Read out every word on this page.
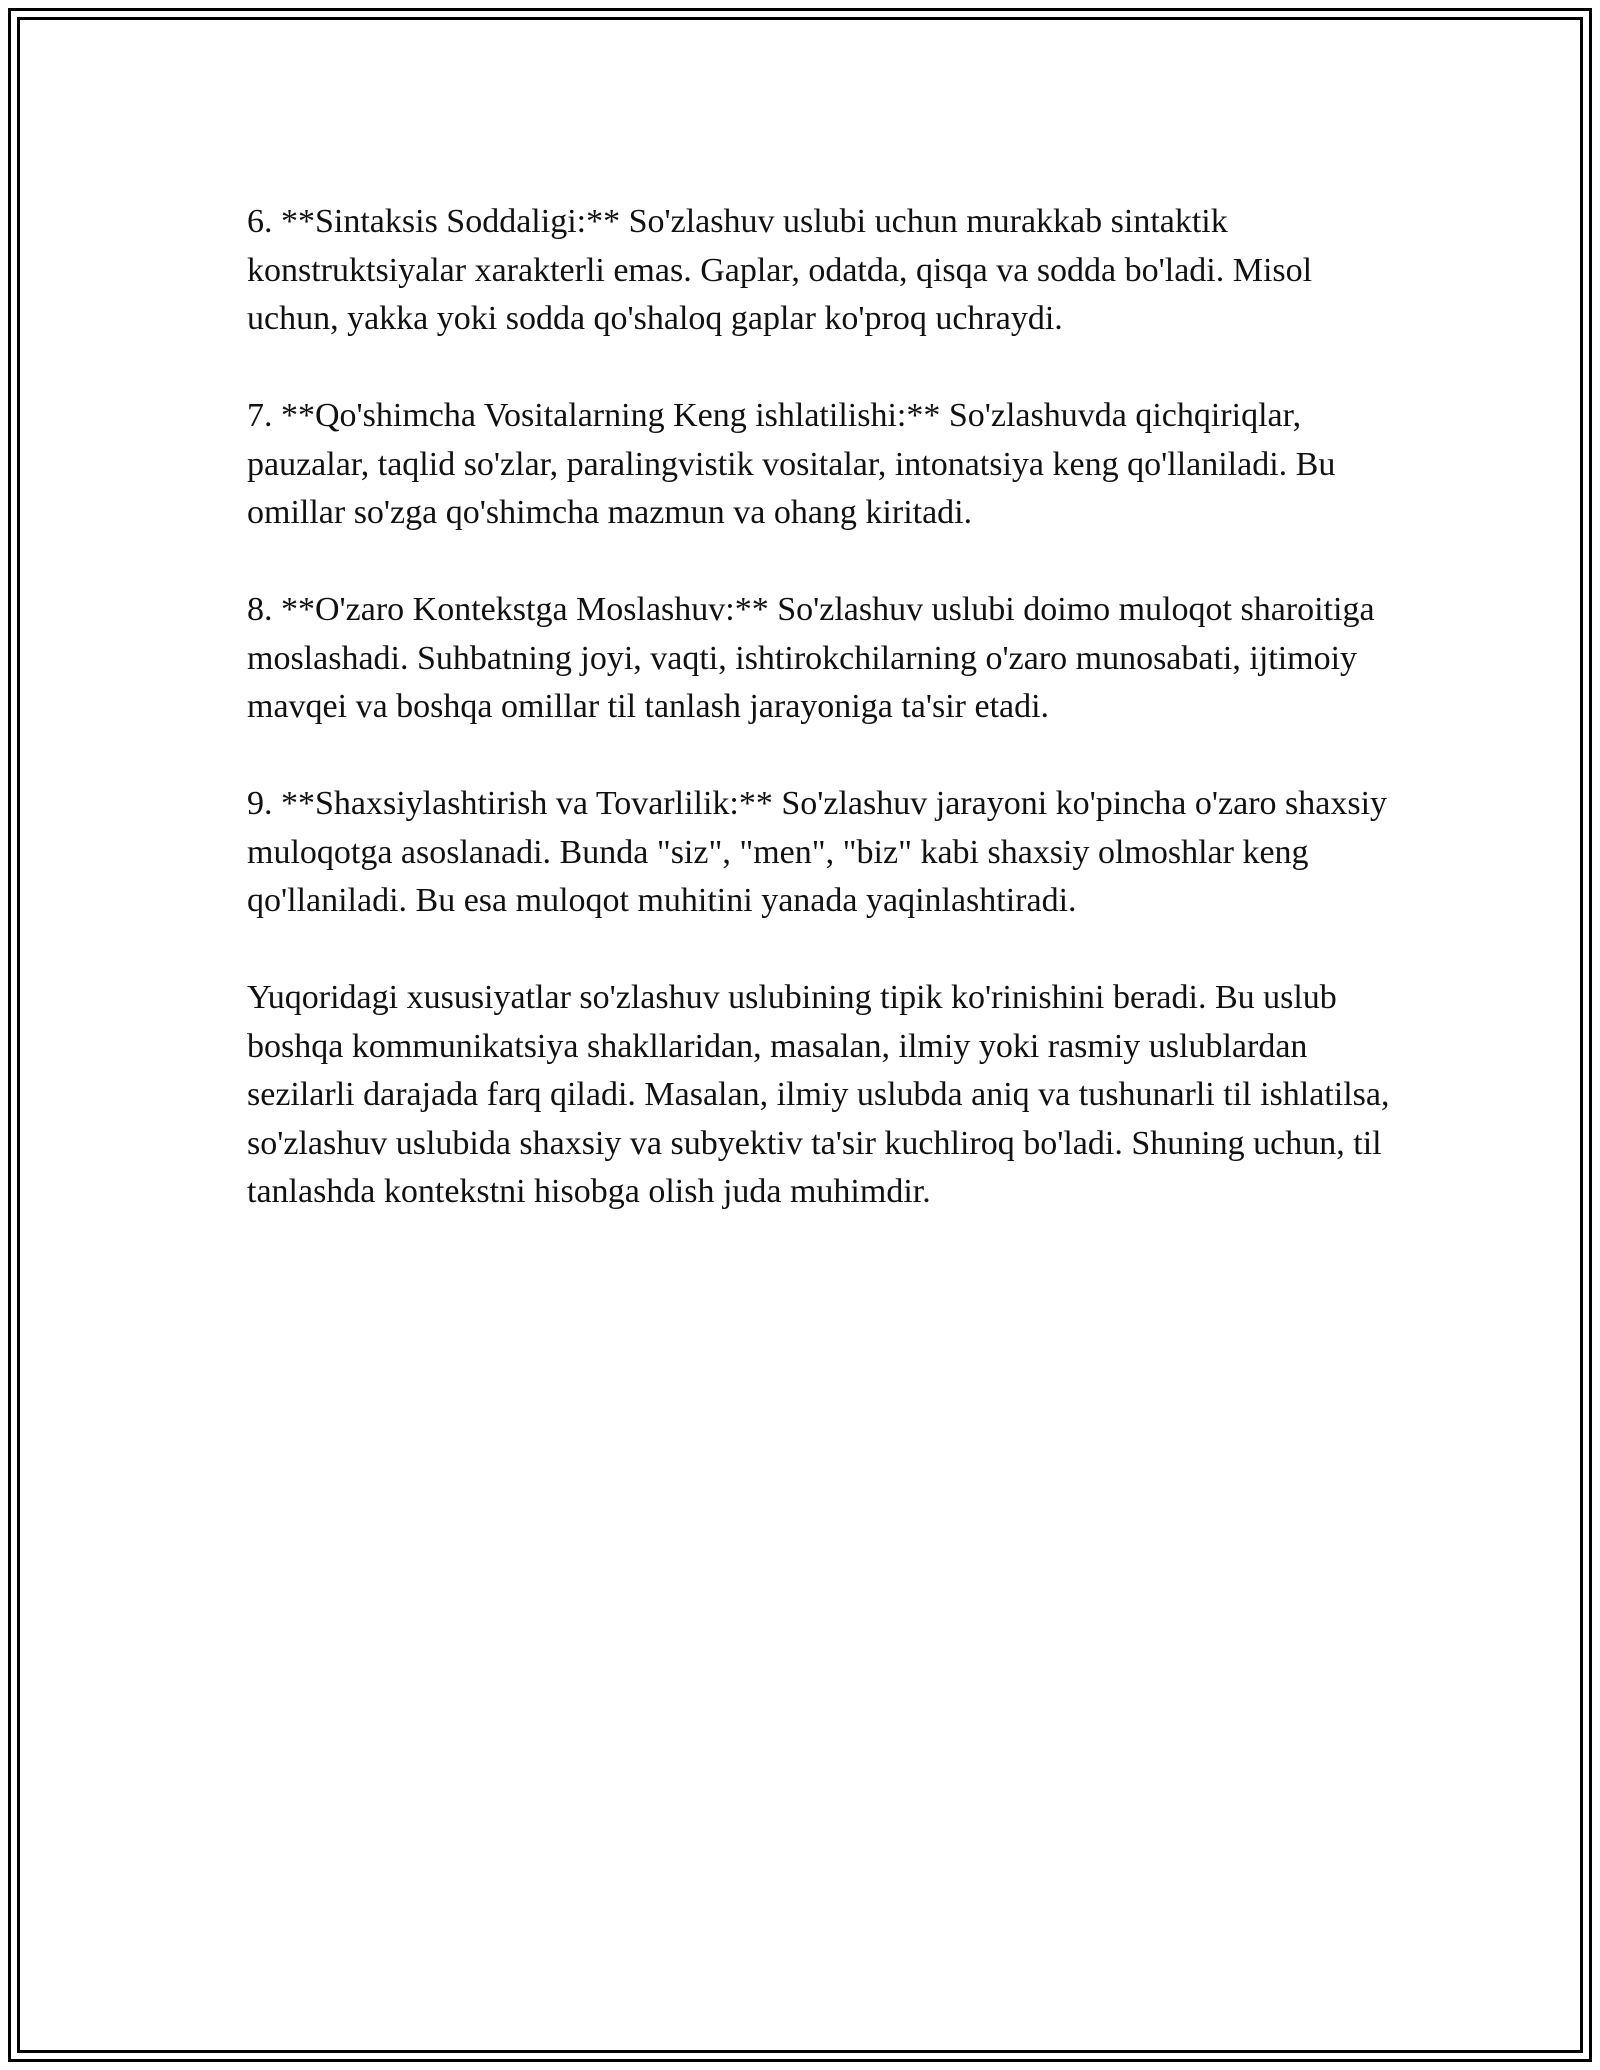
6. **Sintaksis Soddaligi:** So'zlashuv uslubi uchun murakkab sintaktik konstruktsiyalar xarakterli emas. Gaplar, odatda, qisqa va sodda bo'ladi. Misol uchun, yakka yoki sodda qo'shaloq gaplar ko'proq uchraydi.

7. **Qo'shimcha Vositalarning Keng ishlatilishi:** So'zlashuvda qichqiriqlar, pauzalar, taqlid so'zlar, paralingvistik vositalar, intonatsiya keng qo'llaniladi. Bu omillar so'zga qo'shimcha mazmun va ohang kiritadi.

8. **O'zaro Kontekstga Moslashuv:** So'zlashuv uslubi doimo muloqot sharoitiga moslashadi. Suhbatning joyi, vaqti, ishtirokchilarning o'zaro munosabati, ijtimoiy mavqei va boshqa omillar til tanlash jarayoniga ta'sir etadi.

9. **Shaxsiylashtirish va Tovarlilik:** So'zlashuv jarayoni ko'pincha o'zaro shaxsiy muloqotga asoslanadi. Bunda "siz", "men", "biz" kabi shaxsiy olmoshlar keng qo'llaniladi. Bu esa muloqot muhitini yanada yaqinlashtiradi.

Yuqoridagi xususiyatlar so'zlashuv uslubining tipik ko'rinishini beradi. Bu uslub boshqa kommunikatsiya shakllaridan, masalan, ilmiy yoki rasmiy uslublardan sezilarli darajada farq qiladi. Masalan, ilmiy uslubda aniq va tushunarli til ishlatilsa, so'zlashuv uslubida shaxsiy va subyektiv ta'sir kuchliroq bo'ladi. Shuning uchun, til tanlashda kontekstni hisobga olish juda muhimdir.
